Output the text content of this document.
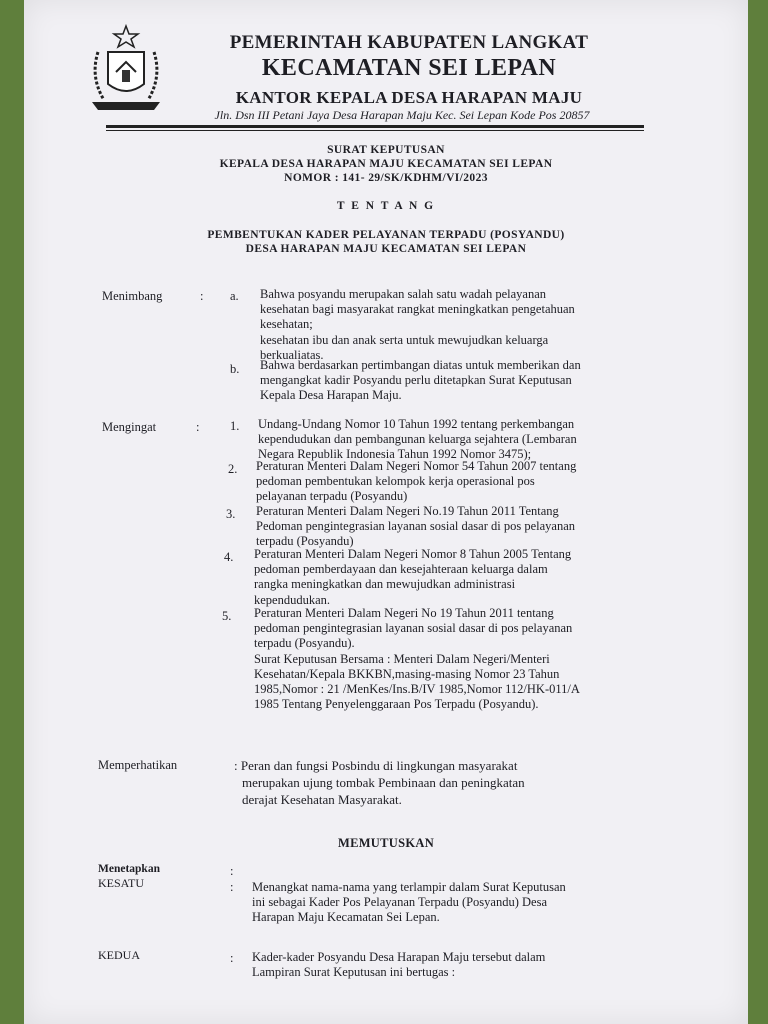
PEMERINTAH KABUPATEN LANGKAT
KECAMATAN SEI LEPAN
KANTOR KEPALA DESA HARAPAN MAJU
Jln. Dsn III Petani Jaya Desa Harapan Maju Kec. Sei Lepan Kode Pos 20857
SURAT KEPUTUSAN
KEPALA DESA HARAPAN MAJU KECAMATAN SEI LEPAN
NOMOR : 141- 29/SK/KDHM/VI/2023
T E N T A N G
PEMBENTUKAN KADER PELAYANAN TERPADU (POSYANDU)
DESA HARAPAN MAJU KECAMATAN SEI LEPAN
Menimbang	: a. Bahwa posyandu merupakan salah satu wadah pelayanan
kesehatan bagi masyarakat rangkat meningkatkan pengetahuan
kesehatan;
kesehatan ibu dan anak serta untuk mewujudkan keluarga
berkualiatas.
b. Bahwa berdasarkan pertimbangan diatas untuk memberikan dan
mengangkat kadir Posyandu perlu ditetapkan Surat Keputusan
Kepala Desa Harapan Maju.
Mengingat	: 1. Undang-Undang Nomor 10 Tahun 1992 tentang perkembangan
kependudukan dan pembangunan keluarga sejahtera (Lembaran
Negara Republik Indonesia Tahun 1992 Nomor 3475);
2. Peraturan Menteri Dalam Negeri Nomor 54 Tahun 2007 tentang
pedoman pembentukan kelompok kerja operasional pos
pelayanan terpadu (Posyandu)
3. Peraturan Menteri Dalam Negeri No.19 Tahun 2011 Tentang
Pedoman pengintegrasian layanan sosial dasar di pos pelayanan
terpadu (Posyandu)
4. Peraturan Menteri Dalam Negeri Nomor 8 Tahun 2005 Tentang
pedoman pemberdayaan dan kesejahteraan keluarga dalam
rangka meningkatkan dan mewujudkan administrasi
kependudukan.
5. Peraturan Menteri Dalam Negeri No 19 Tahun 2011 tentang
pedoman pengintegrasian layanan sosial dasar di pos pelayanan
terpadu (Posyandu).
Surat Keputusan Bersama : Menteri Dalam Negeri/Menteri
Kesehatan/Kepala BKKBN,masing-masing Nomor 23 Tahun
1985,Nomor : 21 /MenKes/Ins.B/IV 1985,Nomor 112/HK-011/A
1985 Tentang Penyelenggaraan Pos Terpadu (Posyandu).
Memperhatikan	: Peran dan fungsi Posbindu di lingkungan masyarakat
merupakan ujung tombak Pembinaan dan peningkatan
derajat Kesehatan Masyarakat.
MEMUTUSKAN
Menetapkan	:
KESATU	: Menangkat nama-nama yang terlampir dalam Surat Keputusan
ini sebagai Kader Pos Pelayanan Terpadu (Posyandu) Desa
Harapan Maju Kecamatan Sei Lepan.
KEDUA	: Kader-kader Posyandu Desa Harapan Maju tersebut dalam
Lampiran Surat Keputusan ini bertugas :
